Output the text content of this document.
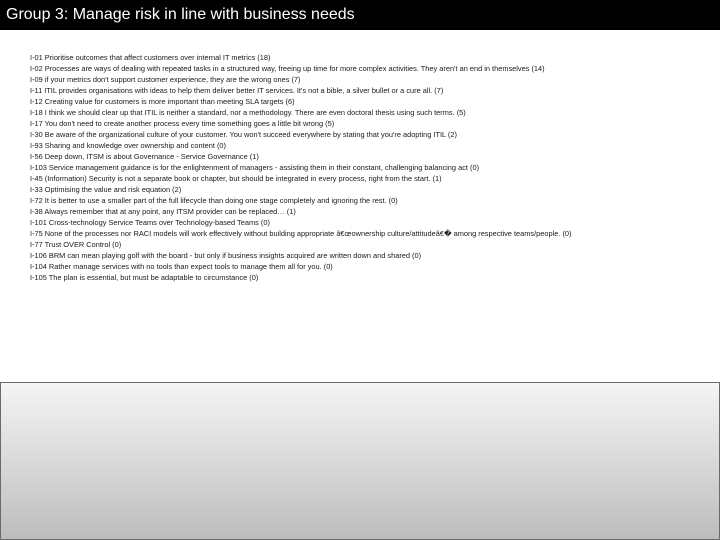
Group 3: Manage risk in line with business needs

I-01 Prioritise outcomes that affect customers over internal IT metrics (18)

I-02 Processes are ways of dealing with repeated tasks in a structured way, freeing up time for more complex activities. They aren't an end in themselves (14)

I-09 if your metrics don't support customer experience, they are the wrong ones (7)

I-11 ITIL provides organisations with ideas to help them deliver better IT services. It's not a bible, a silver bullet or a cure all. (7)

I-12 Creating value for customers is more important than meeting SLA targets (6)

I-18 I think we should clear up that ITIL is neither a standard, nor a methodology. There are even doctoral thesis using such terms. (5)

I-17 You don't need to create another process every time something goes a little bit wrong (5)

I-30 Be aware of the organizational culture of your customer. You won't succeed everywhere by stating that you're adopting ITIL (2)

I-93 Sharing and knowledge over ownership and content (0)

I-56 Deep down, ITSM is about Governance - Service Governance (1)

I-103 Service management guidance is for the enlightenment of managers - assisting them in their constant, challenging balancing act (0)

I-45 (Information) Security is not a separate book or chapter, but should be integrated in every process, right from the start. (1)

I-33 Optimising the value and risk equation (2)

I-72 It is better to use a smaller part of the full lifecycle than doing one stage completely and ignoring the rest. (0)

I-38 Always remember that at any point, any ITSM provider can be replaced… (1)

I-101 Cross-technology Service Teams over Technology-based Teams (0)

I-75 None of the processes nor RACI models will work effectively without building appropriate â€œownership culture/attitudeâ€� among respective teams/people. (0)

I-77 Trust OVER Control (0)

I-106 BRM can mean playing golf with the board - but only if business insights acquired are written down and shared (0)

I-104 Rather manage services with no tools than expect tools to manage them all for you. (0)

I-105 The plan is essential, but must be adaptable to circumstance (0)
